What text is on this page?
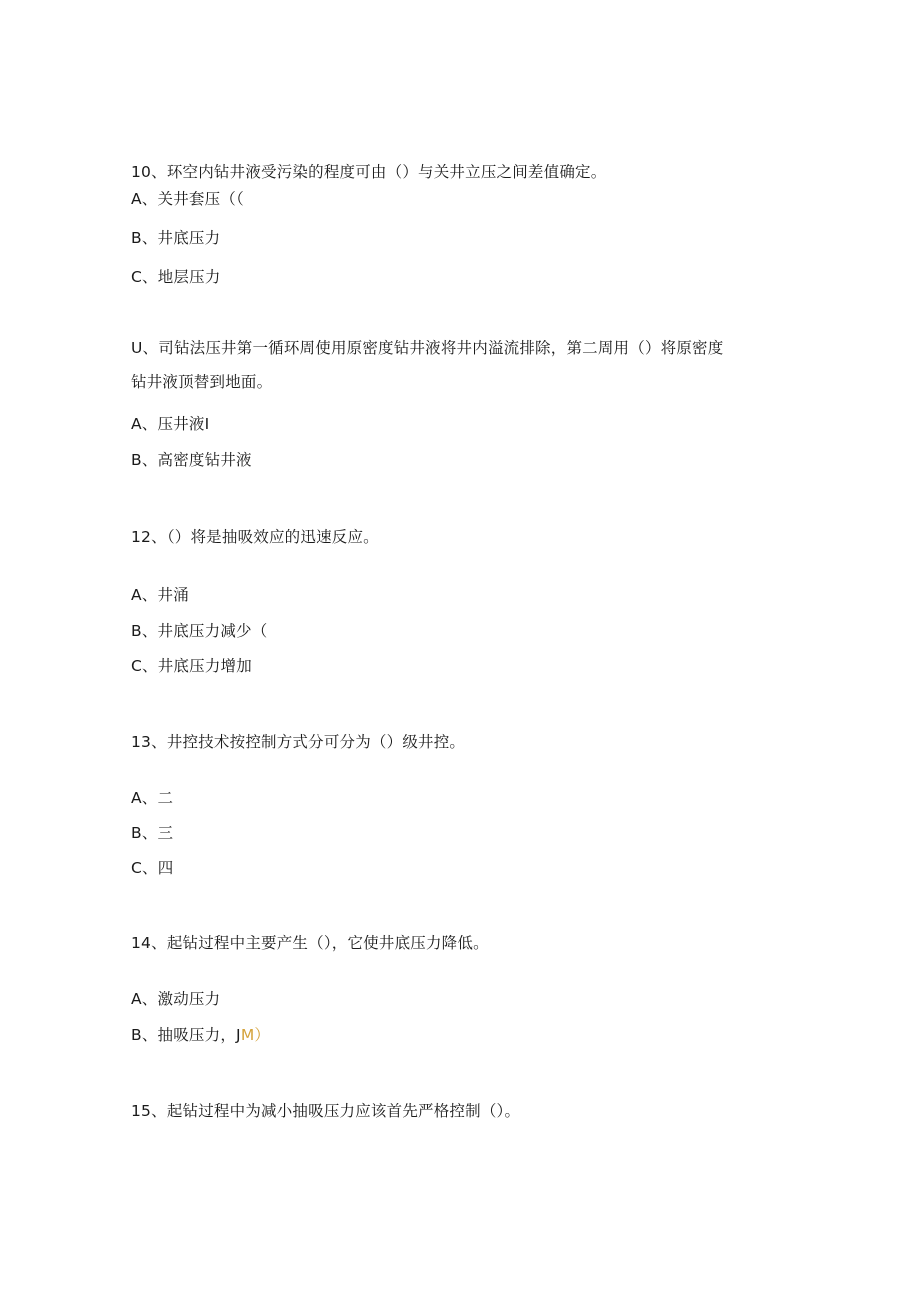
10、环空内钻井液受污染的程度可由（）与关井立压之间差值确定。
A、关井套压（（
B、井底压力
C、地层压力
U、司钻法压井第一循环周使用原密度钻井液将井内溢流排除，第二周用（）将原密度
钻井液顶替到地面。
A、压井液I
B、高密度钻井液
12、（）将是抽吸效应的迅速反应。
A、井涌
B、井底压力减少（
C、井底压力增加
13、井控技术按控制方式分可分为（）级井控。
A、二
B、三
C、四
14、起钻过程中主要产生（），它使井底压力降低。
A、激动压力
B、抽吸压力，JM）
15、起钻过程中为减小抽吸压力应该首先严格控制（）。
